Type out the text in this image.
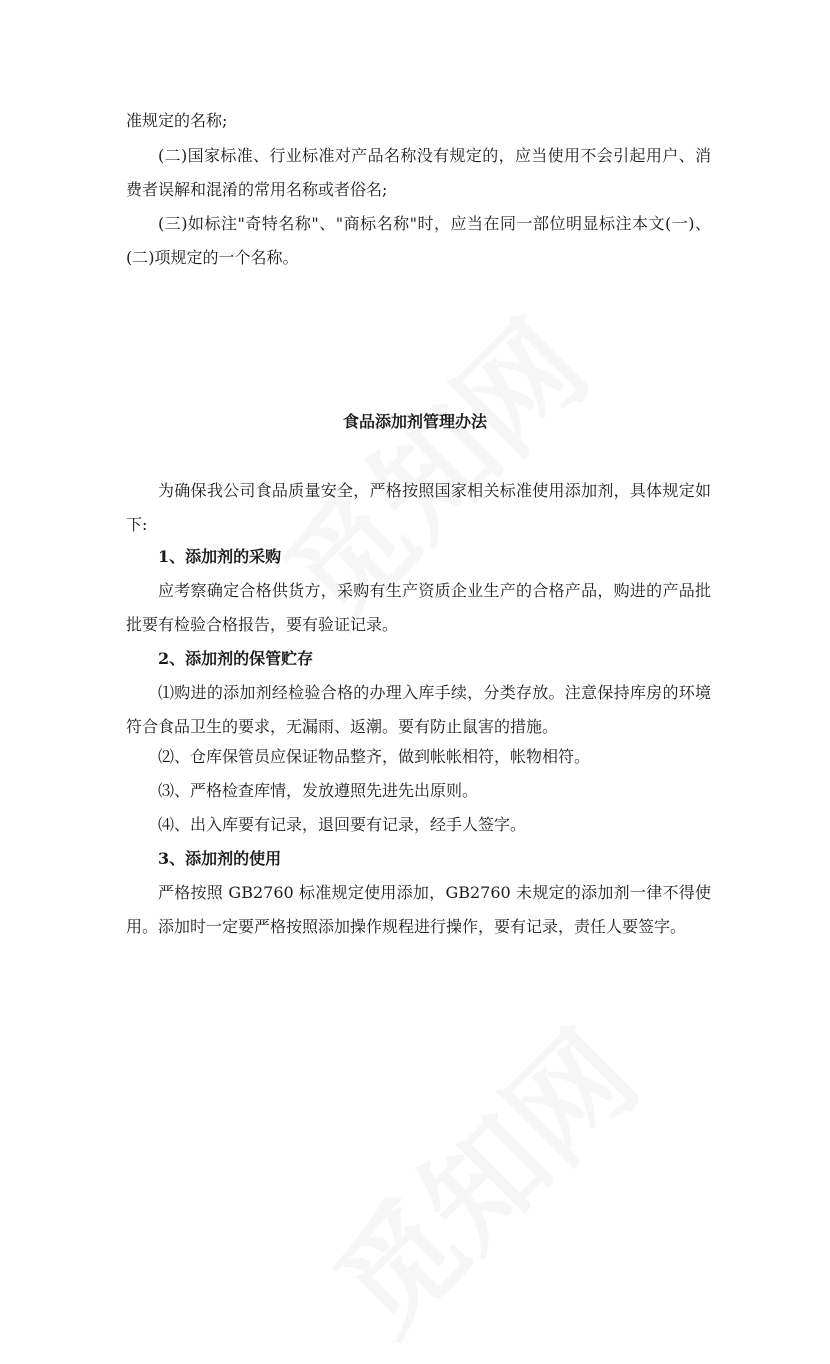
准规定的名称;

(二)国家标准、行业标准对产品名称没有规定的，应当使用不会引起用户、消费者误解和混淆的常用名称或者俗名;

(三)如标注"奇特名称"、"商标名称"时，应当在同一部位明显标注本文(一)、(二)项规定的一个名称。

食品添加剂管理办法

为确保我公司食品质量安全，严格按照国家相关标准使用添加剂，具体规定如下:

1、添加剂的采购

应考察确定合格供货方，采购有生产资质企业生产的合格产品，购进的产品批批要有检验合格报告，要有验证记录。

2、添加剂的保管贮存

⑴购进的添加剂经检验合格的办理入库手续，分类存放。注意保持库房的环境符合食品卫生的要求，无漏雨、返潮。要有防止鼠害的措施。

⑵、仓库保管员应保证物品整齐，做到帐帐相符，帐物相符。

⑶、严格检查库情，发放遵照先进先出原则。

⑷、出入库要有记录，退回要有记录，经手人签字。

3、添加剂的使用

严格按照 GB2760 标准规定使用添加，GB2760 未规定的添加剂一律不得使用。添加时一定要严格按照添加操作规程进行操作，要有记录，责任人要签字。
